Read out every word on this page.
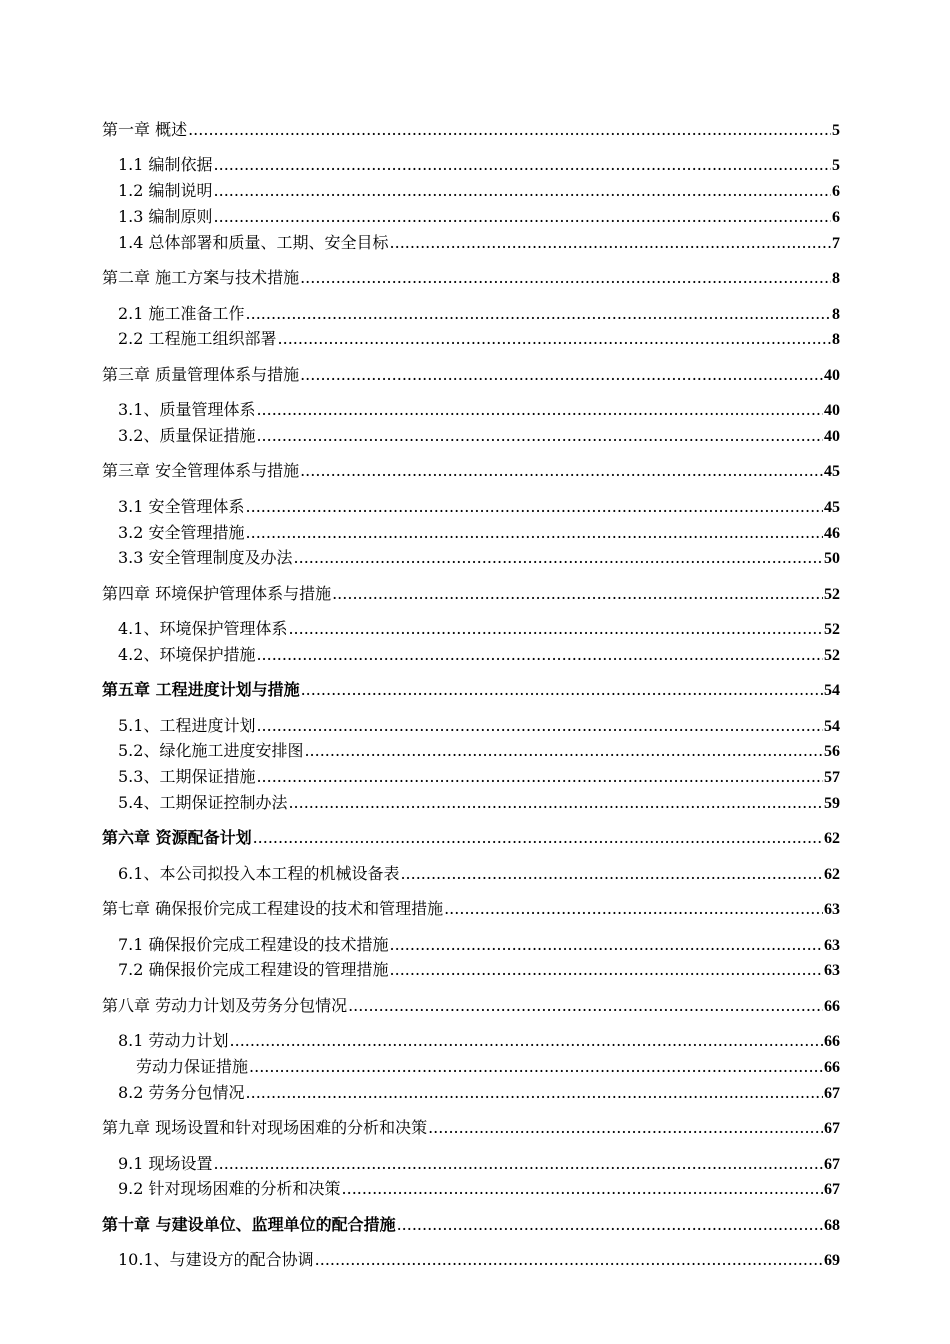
第一章 概述 .....	5
1.1 编制依据 .....	5
1.2 编制说明 .....	6
1.3 编制原则 .....	6
1.4 总体部署和质量、工期、安全目标 .....	7
第二章 施工方案与技术措施 .....	8
2.1 施工准备工作 .....	8
2.2 工程施工组织部署 .....	8
第三章 质量管理体系与措施 .....	40
3.1、质量管理体系 .....	40
3.2、质量保证措施 .....	40
第三章 安全管理体系与措施 .....	45
3.1 安全管理体系 .....	45
3.2 安全管理措施 .....	46
3.3 安全管理制度及办法 .....	50
第四章 环境保护管理体系与措施 .....	52
4.1、环境保护管理体系 .....	52
4.2、环境保护措施 .....	52
第五章 工程进度计划与措施 .....	54
5.1、工程进度计划 .....	54
5.2、绿化施工进度安排图 .....	56
5.3、工期保证措施 .....	57
5.4、工期保证控制办法 .....	59
第六章 资源配备计划 .....	62
6.1、本公司拟投入本工程的机械设备表 .....	62
第七章 确保报价完成工程建设的技术和管理措施 .....	63
7.1 确保报价完成工程建设的技术措施 .....	63
7.2 确保报价完成工程建设的管理措施 .....	63
第八章 劳动力计划及劳务分包情况 .....	66
8.1 劳动力计划 .....	66
劳动力保证措施 .....	66
8.2 劳务分包情况 .....	67
第九章 现场设置和针对现场困难的分析和决策 .....	67
9.1 现场设置 .....	67
9.2 针对现场困难的分析和决策 .....	67
第十章 与建设单位、监理单位的配合措施 .....	68
10.1、与建设方的配合协调 .....	69
